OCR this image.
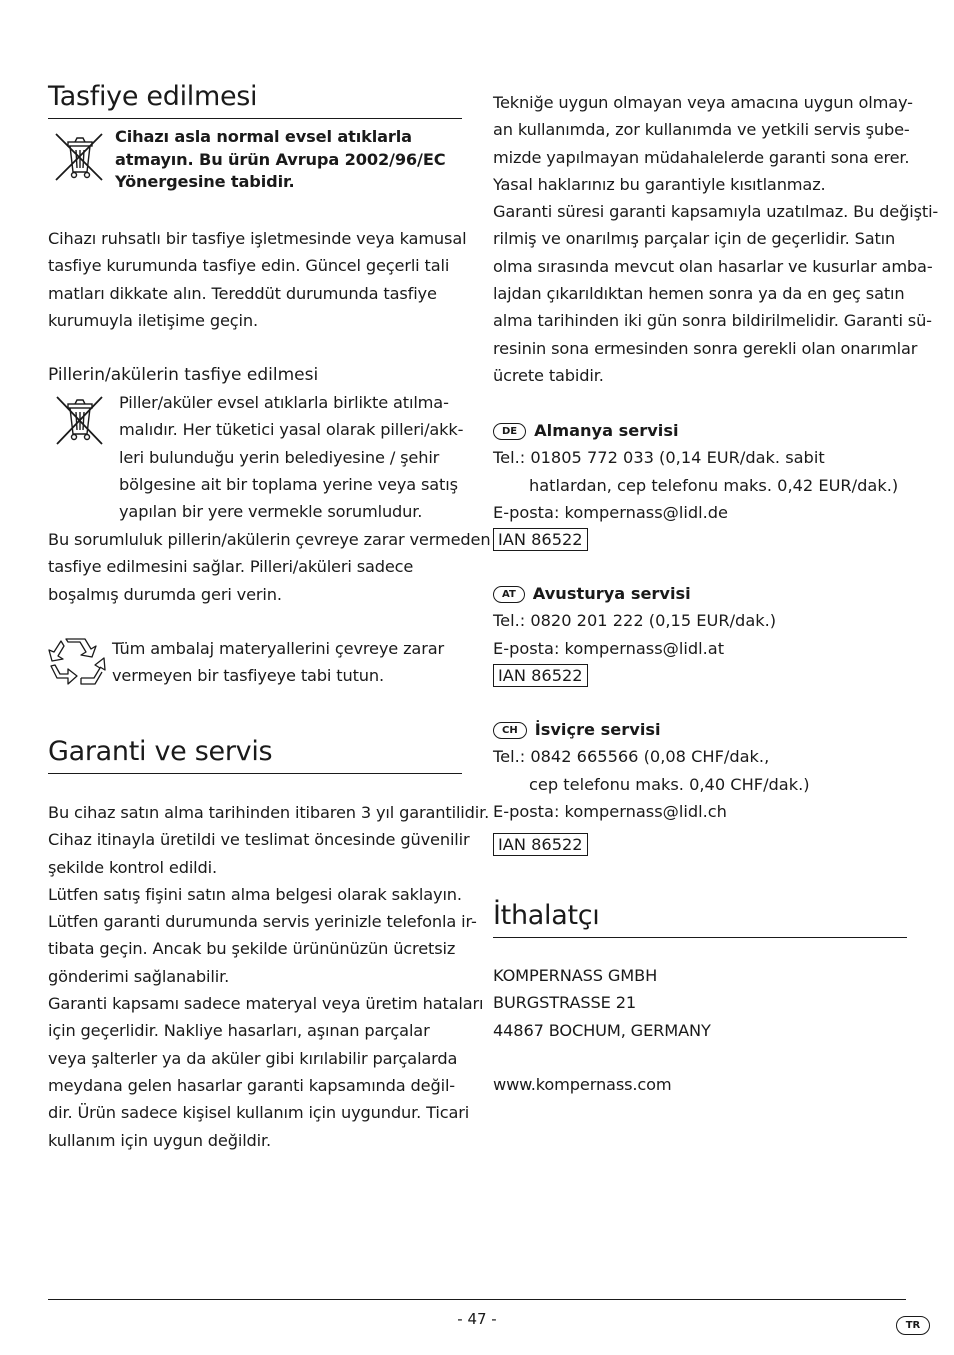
Tasfiye edilmesi
Cihazı asla normal evsel atıklarla
atmayın. Bu ürün Avrupa 2002/96/EC
Yönergesine tabidir.
Cihazı ruhsatlı bir tasfiye işletmesinde veya kamusal
tasfiye kurumunda tasfiye edin. Güncel geçerli tali
matları dikkate alın. Tereddüt durumunda tasfiye
kurumuyla iletişime geçin.
Pillerin/akülerin tasfiye edilmesi
Piller/aküler evsel atıklarla birlikte atılma-
malıdır. Her tüketici yasal olarak pilleri/akk-
leri bulunduğu yerin belediyesine / şehir
bölgesine ait bir toplama yerine veya satış
yapılan bir yere vermekle sorumludur.
Bu sorumluluk pillerin/akülerin çevreye zarar vermeden
tasfiye edilmesini sağlar. Pilleri/aküleri sadece
boşalmış durumda geri verin.
Tüm ambalaj materyallerini çevreye zarar
vermeyen bir tasfiyeye tabi tutun.
Garanti ve servis
Bu cihaz satın alma tarihinden itibaren 3 yıl garantilidir.
Cihaz itinayla üretildi ve teslimat öncesinde güvenilir
şekilde kontrol edildi.
Lütfen satış fişini satın alma belgesi olarak saklayın.
Lütfen garanti durumunda servis yerinizle telefonla ir-
tibata geçin. Ancak bu şekilde ürününüzün ücretsiz
gönderimi sağlanabilir.
Garanti kapsamı sadece materyal veya üretim hataları
için geçerlidir. Nakliye hasarları, aşınan parçalar
veya şalterler ya da aküler gibi kırılabilir parçalarda
meydana gelen hasarlar garanti kapsamında değil-
dir. Ürün sadece kişisel kullanım için uygundur. Ticari
kullanım için uygun değildir.
Tekniğe uygun olmayan veya amacına uygun olmay-
an kullanımda, zor kullanımda ve yetkili servis şube-
mizde yapılmayan müdahalelerde garanti sona erer.
Yasal haklarınız bu garantiyle kısıtlanmaz.
Garanti süresi garanti kapsamıyla uzatılmaz. Bu değişti-
rilmiş ve onarılmış parçalar için de geçerlidir. Satın
olma sırasında mevcut olan hasarlar ve kusurlar amba-
lajdan çıkarıldıktan hemen sonra ya da en geç satın
alma tarihinden iki gün sonra bildirilmelidir. Garanti sü-
resinin sona ermesinden sonra gerekli olan onarımlar
ücrete tabidir.
DE Almanya servisi
Tel.: 01805 772 033 (0,14 EUR/dak. sabit
hatlardan, cep telefonu maks. 0,42 EUR/dak.)
E-posta: kompernass@lidl.de
IAN 86522
AT Avusturya servisi
Tel.: 0820 201 222 (0,15 EUR/dak.)
E-posta: kompernass@lidl.at
IAN 86522
CH İsviçre servisi
Tel.: 0842 665566 (0,08 CHF/dak.,
cep telefonu maks. 0,40 CHF/dak.)
E-posta: kompernass@lidl.ch
IAN 86522
İthalatçı
KOMPERNASS GMBH
BURGSTRASSE 21
44867 BOCHUM, GERMANY
www.kompernass.com
- 47 -	TR
